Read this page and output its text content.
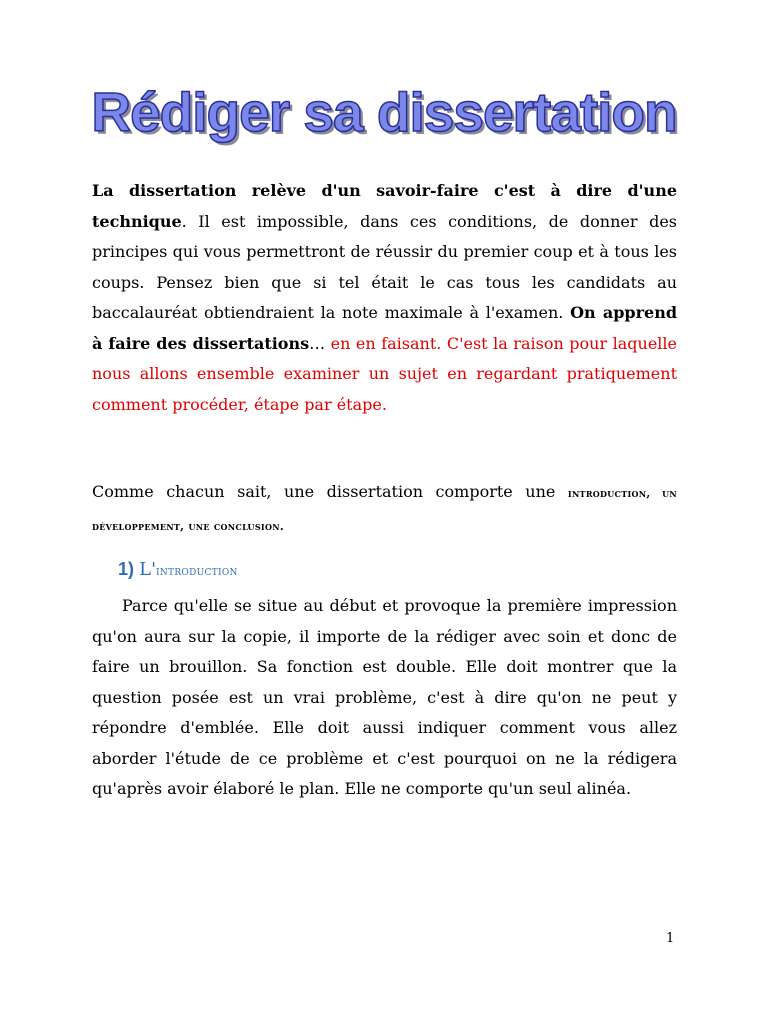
Rédiger sa dissertation
La dissertation relève d'un savoir-faire c'est à dire d'une technique. Il est impossible, dans ces conditions, de donner des principes qui vous permettront de réussir du premier coup et à tous les coups. Pensez bien que si tel était le cas tous les candidats au baccalauréat obtiendraient la note maximale à l'examen. On apprend à faire des dissertations… en en faisant. C'est la raison pour laquelle nous allons ensemble examiner un sujet en regardant pratiquement comment procéder, étape par étape.
Comme chacun sait, une dissertation comporte une introduction, un développement, une conclusion.
1) L'introduction
Parce qu'elle se situe au début et provoque la première impression qu'on aura sur la copie, il importe de la rédiger avec soin et donc de faire un brouillon. Sa fonction est double. Elle doit montrer que la question posée est un vrai problème, c'est à dire qu'on ne peut y répondre d'emblée. Elle doit aussi indiquer comment vous allez aborder l'étude de ce problème et c'est pourquoi on ne la rédigera qu'après avoir élaboré le plan. Elle ne comporte qu'un seul alinéa.
1
